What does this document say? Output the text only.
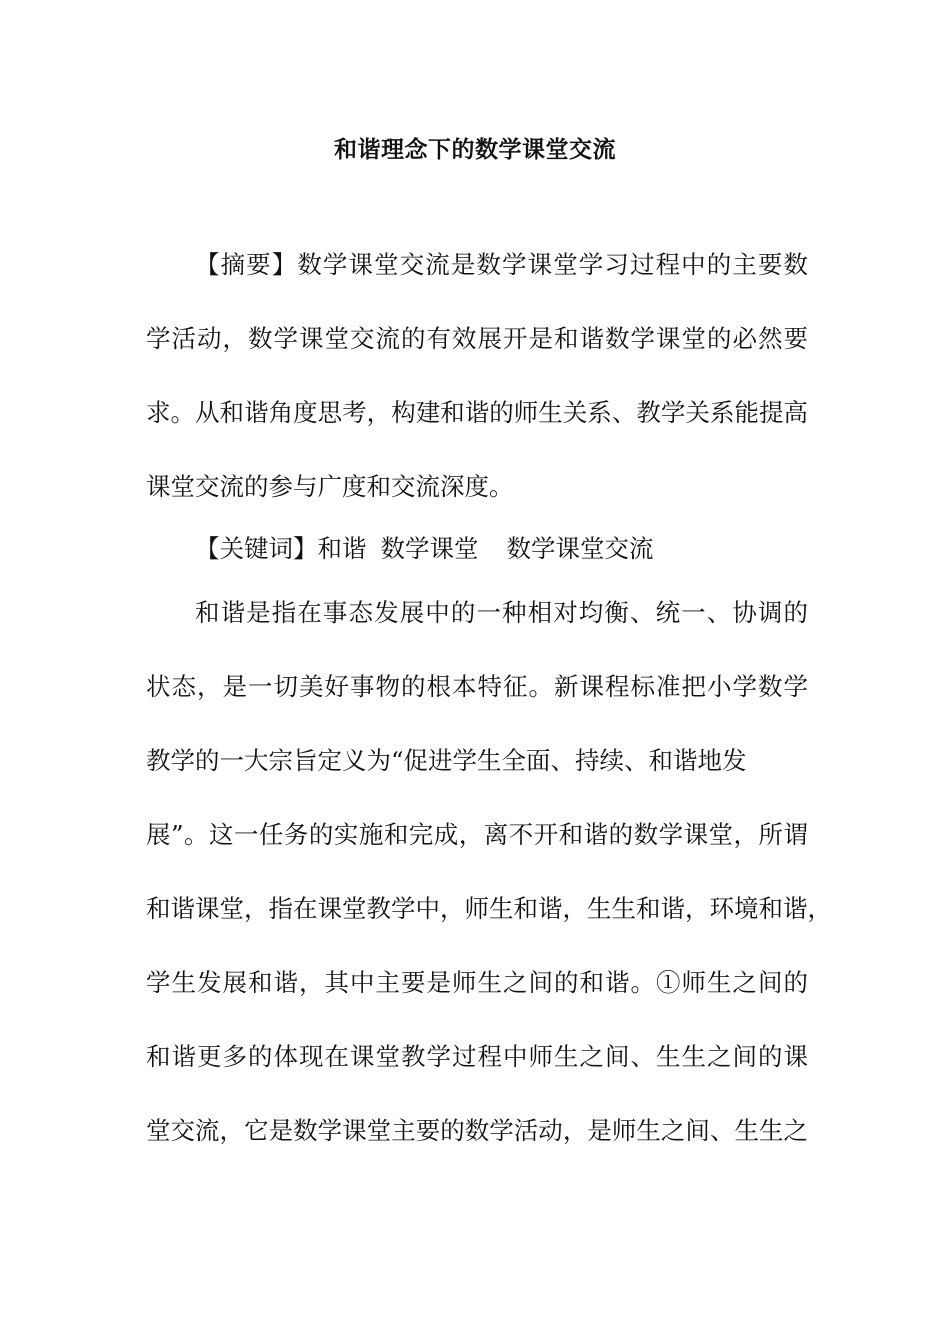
和谐理念下的数学课堂交流

【摘要】数学课堂交流是数学课堂学习过程中的主要数

学活动，数学课堂交流的有效展开是和谐数学课堂的必然要

求。从和谐角度思考，构建和谐的师生关系、教学关系能提高

课堂交流的参与广度和交流深度。

【关键词】和谐 数学课堂 数学课堂交流

和谐是指在事态发展中的一种相对均衡、统一、协调的

状态，是一切美好事物的根本特征。新课程标准把小学数学

教学的一大宗旨定义为“促进学生全面、持续、和谐地发

展”。这一任务的实施和完成，离不开和谐的数学课堂，所谓

和谐课堂，指在课堂教学中，师生和谐，生生和谐，环境和谐，

学生发展和谐，其中主要是师生之间的和谐。①师生之间的

和谐更多的体现在课堂教学过程中师生之间、生生之间的课

堂交流，它是数学课堂主要的数学活动，是师生之间、生生之
